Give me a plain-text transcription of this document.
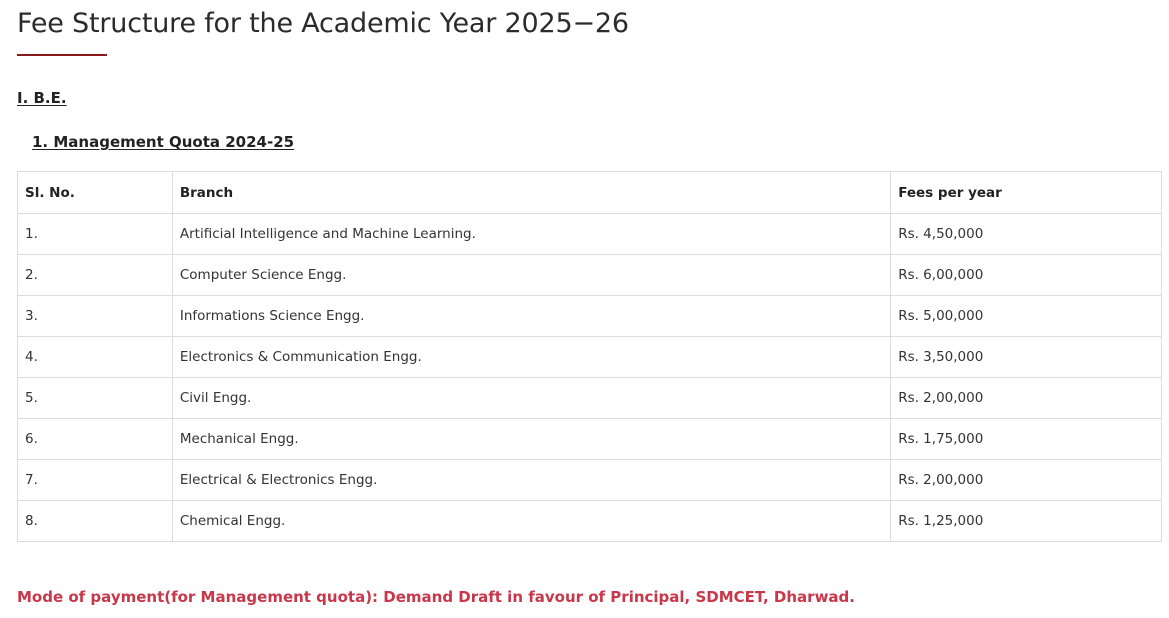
Fee Structure for the Academic Year 2025−26
I. B.E.
1. Management Quota 2024-25
Sl. No.	Branch	Fees per year
1.	Artificial Intelligence and Machine Learning.	Rs. 4,50,000
2.	Computer Science Engg.	Rs. 6,00,000
3.	Informations Science Engg.	Rs. 5,00,000
4.	Electronics & Communication Engg.	Rs. 3,50,000
5.	Civil Engg.	Rs. 2,00,000
6.	Mechanical Engg.	Rs. 1,75,000
7.	Electrical & Electronics Engg.	Rs. 2,00,000
8.	Chemical Engg.	Rs. 1,25,000

Mode of payment(for Management quota): Demand Draft in favour of Principal, SDMCET, Dharwad.
